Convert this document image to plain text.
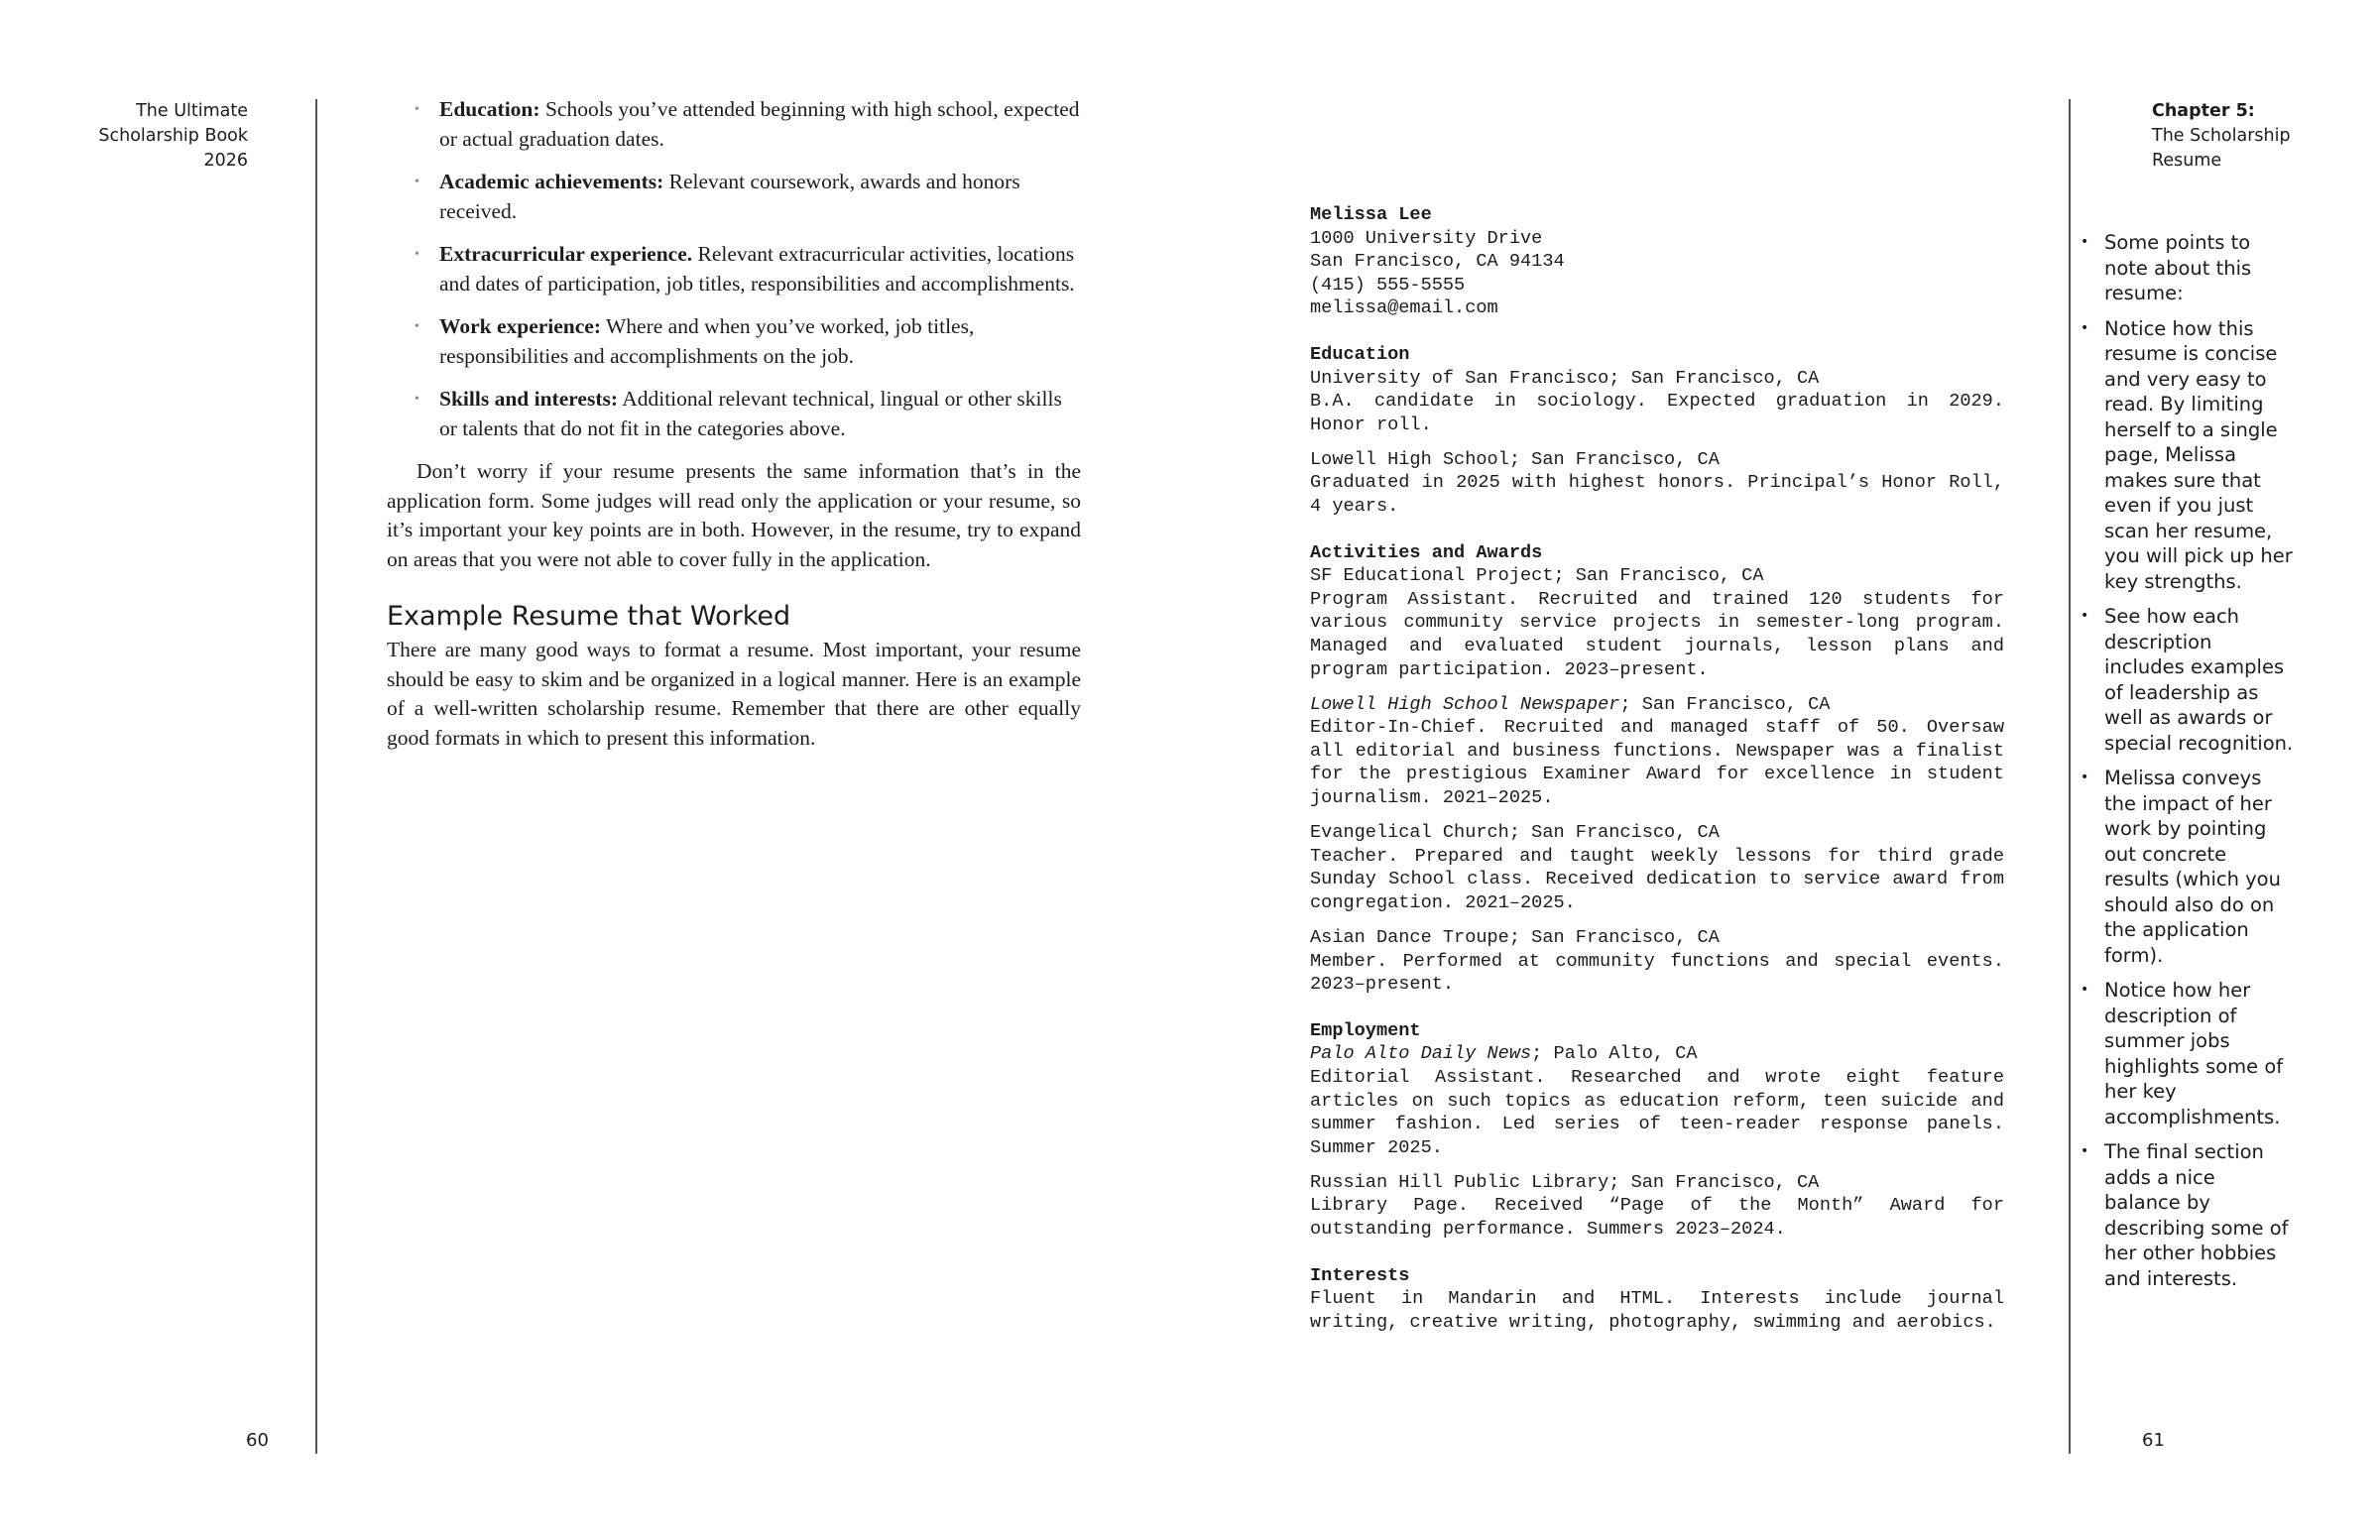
The Ultimate
Scholarship Book
2026
60
• Education: Schools you’ve attended beginning with high school, expected or actual graduation dates.
• Academic achievements: Relevant coursework, awards and honors received.
• Extracurricular experience. Relevant extracurricular activities, locations and dates of participation, job titles, responsibilities and accomplishments.
• Work experience: Where and when you’ve worked, job titles, responsibilities and accomplishments on the job.
• Skills and interests: Additional relevant technical, lingual or other skills or talents that do not fit in the categories above.

Don’t worry if your resume presents the same information that’s in the application form. Some judges will read only the application or your resume, so it’s important your key points are in both. However, in the resume, try to expand on areas that you were not able to cover fully in the application.

Example Resume that Worked

There are many good ways to format a resume. Most important, your resume should be easy to skim and be organized in a logical manner. Here is an example of a well-written scholarship resume. Remember that there are other equally good formats in which to present this information.

Melissa Lee
1000 University Drive
San Francisco, CA 94134
(415) 555-5555
melissa@email.com
Education
University of San Francisco; San Francisco, CA
B.A. candidate in sociology. Expected graduation in 2029. Honor roll.
Lowell High School; San Francisco, CA
Graduated in 2025 with highest honors. Principal’s Honor Roll, 4 years.
Activities and Awards
SF Educational Project; San Francisco, CA
Program Assistant. Recruited and trained 120 students for various community service projects in semester-long program. Managed and evaluated student journals, lesson plans and program participation. 2023–present.
Lowell High School Newspaper; San Francisco, CA
Editor-In-Chief. Recruited and managed staff of 50. Oversaw all editorial and business functions. Newspaper was a finalist for the prestigious Examiner Award for excellence in student journalism. 2021–2025.
Evangelical Church; San Francisco, CA
Teacher. Prepared and taught weekly lessons for third grade Sunday School class. Received dedication to service award from congregation. 2021–2025.
Asian Dance Troupe; San Francisco, CA
Member. Performed at community functions and special events. 2023–present.
Employment
Palo Alto Daily News; Palo Alto, CA
Editorial Assistant. Researched and wrote eight feature articles on such topics as education reform, teen suicide and summer fashion. Led series of teen-reader response panels. Summer 2025.
Russian Hill Public Library; San Francisco, CA
Library Page. Received “Page of the Month” Award for outstanding performance. Summers 2023–2024.
Interests
Fluent in Mandarin and HTML. Interests include journal writing, creative writing, photography, swimming and aerobics.
Chapter 5:
The Scholarship
Resume
• Some points to note about this resume:
• Notice how this resume is concise and very easy to read. By limiting herself to a single page, Melissa makes sure that even if you just scan her resume, you will pick up her key strengths.
• See how each description includes examples of leadership as well as awards or special recognition.
• Melissa conveys the impact of her work by pointing out concrete results (which you should also do on the application form).
• Notice how her description of summer jobs highlights some of her key accomplishments.
• The final section adds a nice balance by describing some of her other hobbies and interests.
61
